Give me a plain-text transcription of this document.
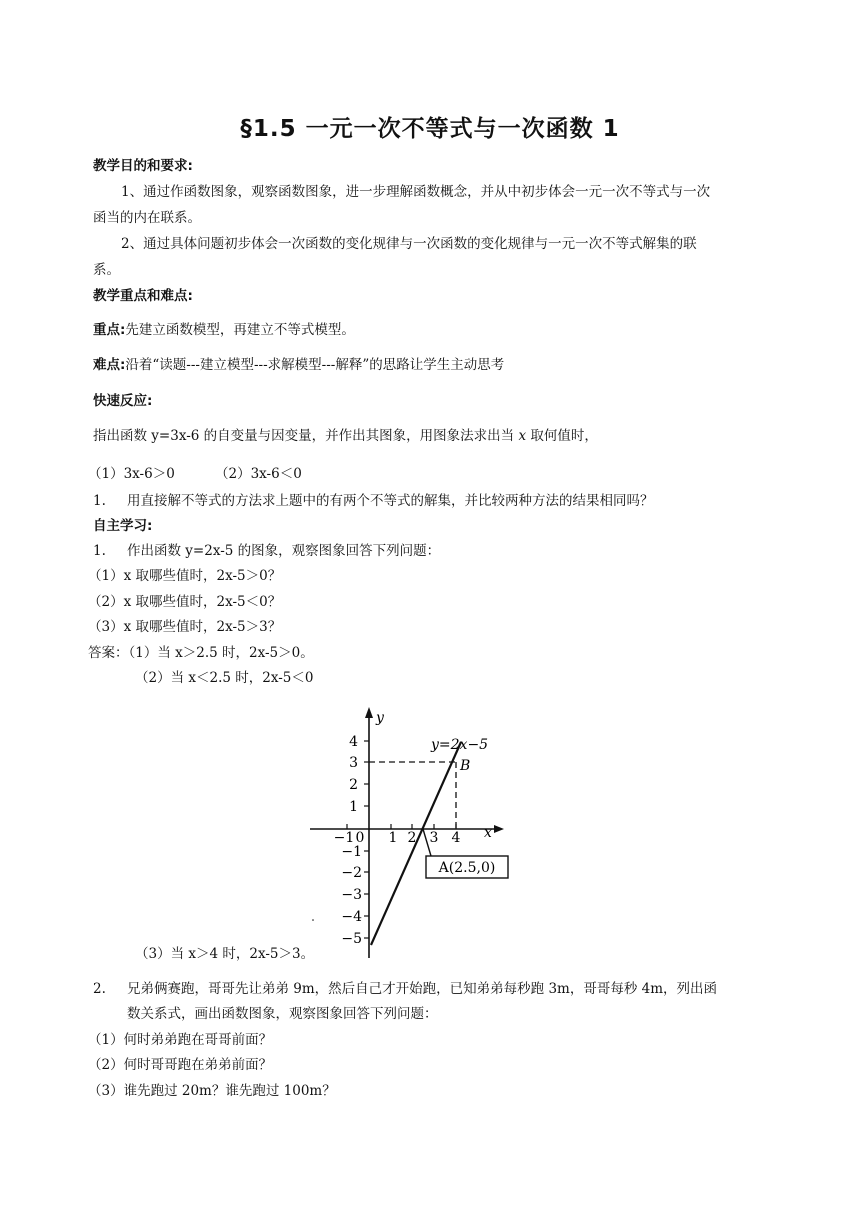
§1.5 一元一次不等式与一次函数 1
教学目的和要求:
1、通过作函数图象，观察函数图象，进一步理解函数概念，并从中初步体会一元一次不等式与一次
函当的内在联系。
2、通过具体问题初步体会一次函数的变化规律与一次函数的变化规律与一元一次不等式解集的联
系。
教学重点和难点:
重点:先建立函数模型，再建立不等式模型。
难点:沿着“读题---建立模型---求解模型---解释”的思路让学生主动思考
快速反应:
指出函数 y=3x-6 的自变量与因变量，并作出其图象，用图象法求出当 x 取何值时，
（1）3x-6＞0	（2）3x-6＜0
1. 用直接解不等式的方法求上题中的有两个不等式的解集，并比较两种方法的结果相同吗？
自主学习:
1. 作出函数 y=2x-5 的图象，观察图象回答下列问题：
（1）x 取哪些值时，2x-5＞0？
（2）x 取哪些值时，2x-5＜0？
（3）x 取哪些值时，2x-5＞3？
答案：（1）当 x＞2.5 时，2x-5＞0。
（2）当 x＜2.5 时，2x-5＜0
y
x
y=2x−5
B
A(2.5,0)
4
3
2
1
−1
−2
−3
−4
−5
−1 0 1 2 3 4
（3）当 x＞4 时，2x-5＞3。
2. 兄弟俩赛跑，哥哥先让弟弟 9m，然后自己才开始跑，已知弟弟每秒跑 3m，哥哥每秒 4m，列出函
数关系式，画出函数图象，观察图象回答下列问题：
（1）何时弟弟跑在哥哥前面？
（2）何时哥哥跑在弟弟前面？
（3）谁先跑过 20m？谁先跑过 100m？
